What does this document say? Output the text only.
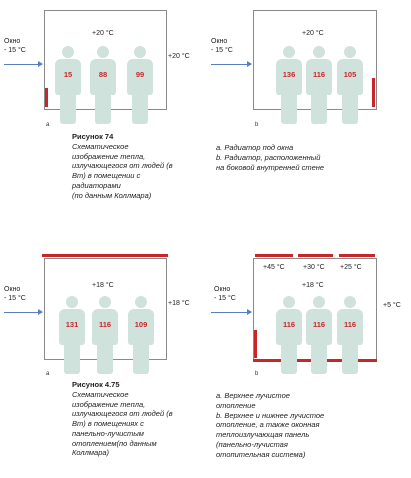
Окно
- 15 °C
+20 °C
+20 °C
15	88	99
a
Окно
- 15 °C
+20 °C
136	116	105
b
Рисунок 74
Схематическое
изображение тепла,
излучающегося от людей (в
Вт) в помещении с
радиаторами
(по данным Коллмара)
a. Радиатор под окна
b. Радиатор, расположенный
на боковой внутренней стене
Окно
- 15 °C
+18 °C
+18 °C
131	116	109
a
Окно
- 15 °C
+45 °C	+30 °C +25 °C
+18 °C
+5 °C
116	116	116
b
Рисунок 4.75
Схематическое
изображение тепла,
излучающегося от людей (в
Вт) в помещениях с
панельно-лучистым
отоплением(по данным
Коллмара)
a. Верхнее лучистое
отопление
b. Верхнее и нижнее лучистое
отопление, а также оконная
теплоизлучающая панель
(панельно-лучистая
отопительная система)
